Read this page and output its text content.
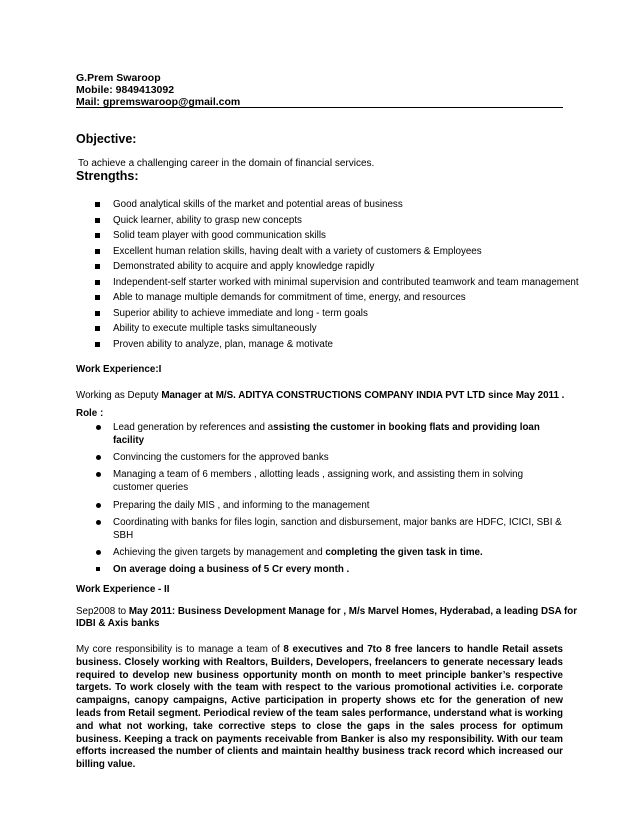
G.Prem Swaroop
Mobile: 9849413092
Mail: gpremswaroop@gmail.com
Objective:
To achieve a challenging career in the domain of financial services.
Strengths:
Good analytical skills of the market and potential areas of business
Quick learner, ability to grasp new concepts
Solid team player with good communication skills
Excellent human relation skills, having dealt with a variety of customers & Employees
Demonstrated ability to acquire and apply knowledge rapidly
Independent-self starter worked with minimal supervision and contributed teamwork and team management
Able to manage multiple demands for commitment of time, energy, and resources
Superior ability to achieve immediate and long - term goals
Ability to execute multiple tasks simultaneously
Proven ability to analyze, plan, manage & motivate
Work Experience:I
Working as Deputy Manager at M/S. ADITYA CONSTRUCTIONS COMPANY INDIA PVT LTD since May 2011 .
Role :
Lead generation by references and assisting the customer in booking flats and providing loan facility
Convincing the customers for the approved banks
Managing a team of 6 members , allotting leads , assigning work, and assisting them in solving customer queries
Preparing the daily MIS , and informing to the management
Coordinating with banks for files login, sanction and disbursement, major banks are HDFC, ICICI, SBI & SBH
Achieving the given targets by management and completing the given task in time.
On average doing a business of 5 Cr every month .
Work Experience - II
Sep2008 to May 2011: Business Development Manage for , M/s Marvel Homes, Hyderabad, a leading DSA for
IDBI & Axis banks
My core responsibility is to manage a team of 8 executives and 7to 8 free lancers to handle Retail assets business. Closely working with Realtors, Builders, Developers, freelancers to generate necessary leads required to develop new business opportunity month on month to meet principle banker’s respective targets. To work closely with the team with respect to the various promotional activities i.e. corporate campaigns, canopy campaigns, Active participation in property shows etc for the generation of new leads from Retail segment. Periodical review of the team sales performance, understand what is working and what not working, take corrective steps to close the gaps in the sales process for optimum business. Keeping a track on payments receivable from Banker is also my responsibility. With our team efforts increased the number of clients and maintain healthy business track record which increased our billing value.
